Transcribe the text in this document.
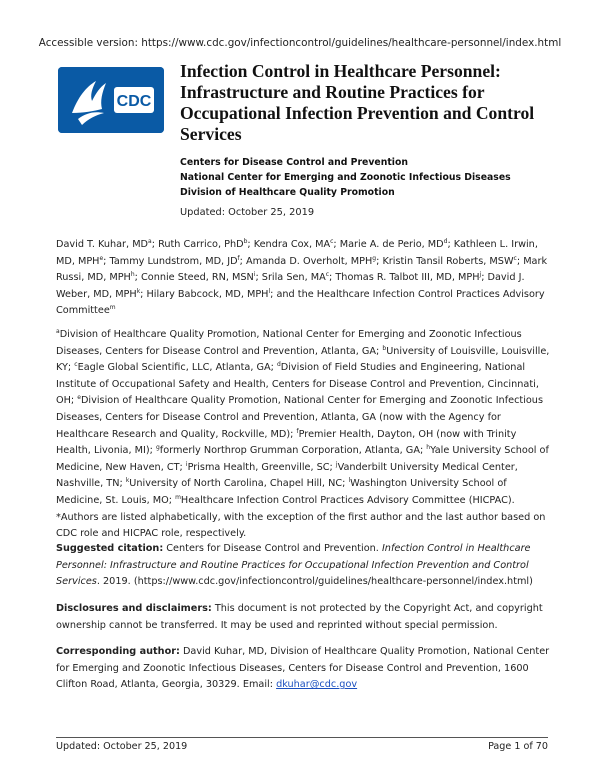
Accessible version: https://www.cdc.gov/infectioncontrol/guidelines/healthcare-personnel/index.html
CDC
Infection Control in Healthcare Personnel: Infrastructure and Routine Practices for Occupational Infection Prevention and Control Services
Centers for Disease Control and Prevention
National Center for Emerging and Zoonotic Infectious Diseases
Division of Healthcare Quality Promotion
Updated: October 25, 2019
David T. Kuhar, $MD^a$; Ruth Carrico, PhD$^b$; Kendra Cox, $MA^c$; Marie A. de Perio, $MD^d$; Kathleen L. Irwin, MD, MPH$^e$; Tammy Lundstrom, MD, $JD^f$; Amanda D. Overholt, MPH$^g$; Kristin Tansil Roberts, MSW$^c$; Mark Russi, MD, MPH$^h$; Connie Steed, RN, MSN$^i$; Srila Sen, $MA^c$; Thomas R. Talbot III, MD, MPH$^j$; David J. Weber, MD, MPH$^k$; Hilary Babcock, MD, MPH$^l$; and the Healthcare Infection Control Practices Advisory Committee$^m$
$^a$Division of Healthcare Quality Promotion, National Center for Emerging and Zoonotic Infectious Diseases, Centers for Disease Control and Prevention, Atlanta, GA; $^b$University of Louisville, Louisville, KY; $^c$Eagle Global Scientific, LLC, Atlanta, GA; $^d$Division of Field Studies and Engineering, National Institute of Occupational Safety and Health, Centers for Disease Control and Prevention, Cincinnati, OH; $^e$Division of Healthcare Quality Promotion, National Center for Emerging and Zoonotic Infectious Diseases, Centers for Disease Control and Prevention, Atlanta, GA (now with the Agency for Healthcare Research and Quality, Rockville, MD); $^f$Premier Health, Dayton, OH (now with Trinity Health, Livonia, MI); $^g$formerly Northrop Grumman Corporation, Atlanta, GA; $^h$Yale University School of Medicine, New Haven, CT; $^i$Prisma Health, Greenville, SC; $^j$Vanderbilt University Medical Center, Nashville, TN; $^k$University of North Carolina, Chapel Hill, NC; $^l$Washington University School of Medicine, St. Louis, MO; $^m$Healthcare Infection Control Practices Advisory Committee (HICPAC).
*Authors are listed alphabetically, with the exception of the first author and the last author based on CDC role and HICPAC role, respectively.
Suggested citation: Centers for Disease Control and Prevention. Infection Control in Healthcare Personnel: Infrastructure and Routine Practices for Occupational Infection Prevention and Control Services. 2019. (https://www.cdc.gov/infectioncontrol/guidelines/healthcare-personnel/index.html)
Disclosures and disclaimers: This document is not protected by the Copyright Act, and copyright ownership cannot be transferred. It may be used and reprinted without special permission.
Corresponding author: David Kuhar, MD, Division of Healthcare Quality Promotion, National Center for Emerging and Zoonotic Infectious Diseases, Centers for Disease Control and Prevention, 1600 Clifton Road, Atlanta, Georgia, 30329. Email: dkuhar@cdc.gov
Updated: October 25, 2019	Page 1 of 70
